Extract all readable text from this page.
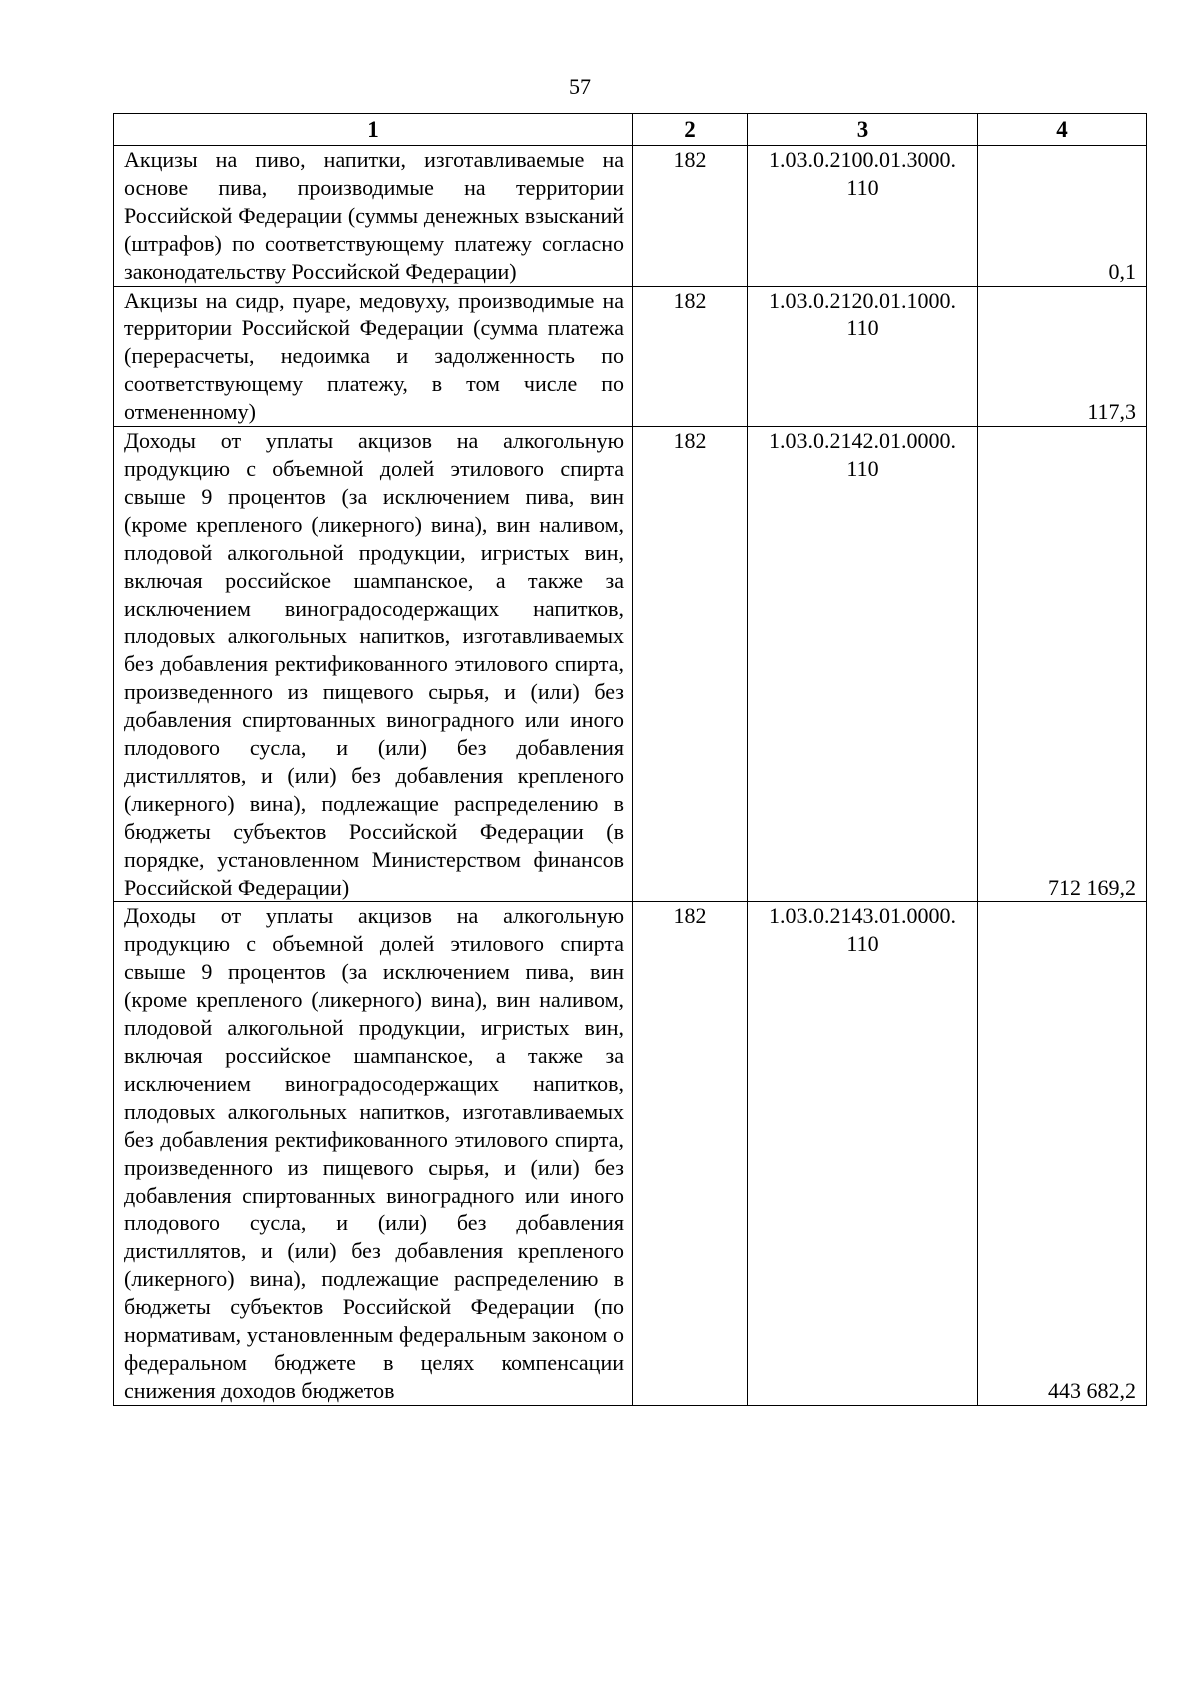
57
1	2	3	4
Акцизы на пиво, напитки, изготавливаемые на основе пива, производимые на территории Российской Федерации (суммы денежных взысканий (штрафов) по соответствующему платежу согласно законодательству Российской Федерации)	182	1.03.0.2100.01.3000. 110	0,1
Акцизы на сидр, пуаре, медовуху, производимые на территории Российской Федерации (сумма платежа (перерасчеты, недоимка и задолженность по соответствующему платежу, в том числе по отмененному)	182	1.03.0.2120.01.1000. 110	117,3
Доходы от уплаты акцизов на алкогольную продукцию с объемной долей этилового спирта свыше 9 процентов (за исключением пива, вин (кроме крепленого (ликерного) вина), вин наливом, плодовой алкогольной продукции, игристых вин, включая российское шампанское, а также за исключением виноградосодержащих напитков, плодовых алкогольных напитков, изготавливаемых без добавления ректификованного этилового спирта, произведенного из пищевого сырья, и (или) без добавления спиртованных виноградного или иного плодового сусла, и (или) без добавления дистиллятов, и (или) без добавления крепленого (ликерного) вина), подлежащие распределению в бюджеты субъектов Российской Федерации (в порядке, установленном Министерством финансов Российской Федерации)	182	1.03.0.2142.01.0000. 110	712 169,2
Доходы от уплаты акцизов на алкогольную продукцию с объемной долей этилового спирта свыше 9 процентов (за исключением пива, вин (кроме крепленого (ликерного) вина), вин наливом, плодовой алкогольной продукции, игристых вин, включая российское шампанское, а также за исключением виноградосодержащих напитков, плодовых алкогольных напитков, изготавливаемых без добавления ректификованного этилового спирта, произведенного из пищевого сырья, и (или) без добавления спиртованных виноградного или иного плодового сусла, и (или) без добавления дистиллятов, и (или) без добавления крепленого (ликерного) вина), подлежащие распределению в бюджеты субъектов Российской Федерации (по нормативам, установленным федеральным законом о федеральном бюджете в целях компенсации снижения доходов бюджетов	182	1.03.0.2143.01.0000. 110	443 682,2
